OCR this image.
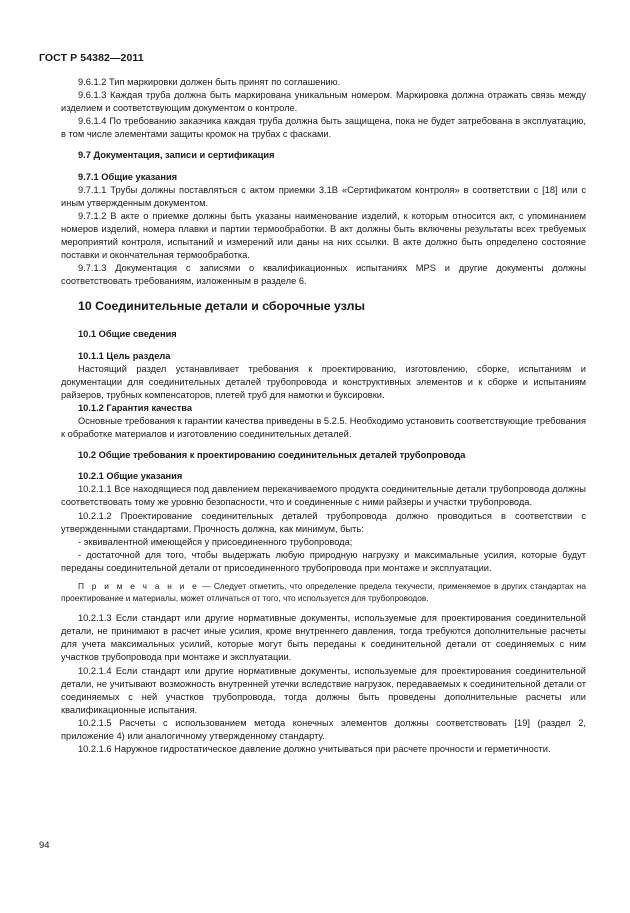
ГОСТ Р 54382—2011

9.6.1.2 Тип маркировки должен быть принят по соглашению.

9.6.1.3 Каждая труба должна быть маркирована уникальным номером. Маркировка должна отражать связь между изделием и соответствующим документом о контроле.

9.6.1.4 По требованию заказчика каждая труба должна быть защищена, пока не будет затребована в эксплуатацию, в том числе элементами защиты кромок на трубах с фасками.

9.7 Документация, записи и сертификация

9.7.1 Общие указания

9.7.1.1 Трубы должны поставляться с актом приемки 3.1В «Сертификатом контроля» в соответствии с [18] или с иным утвержденным документом.

9.7.1.2 В акте о приемке должны быть указаны наименование изделий, к которым относится акт, с упоминанием номеров изделий, номера плавки и партии термообработки. В акт должны быть включены результаты всех требуемых мероприятий контроля, испытаний и измерений или даны на них ссылки. В акте должно быть определено состояние поставки и окончательная термообработка.

9.7.1.3 Документация с записями о квалификационных испытаниях MPS и другие документы должны соответствовать требованиям, изложенным в разделе 6.

10 Соединительные детали и сборочные узлы

10.1 Общие сведения

10.1.1 Цель раздела

Настоящий раздел устанавливает требования к проектированию, изготовлению, сборке, испытаниям и документации для соединительных деталей трубопровода и конструктивных элементов и к сборке и испытаниям райзеров, трубных компенсаторов, плетей труб для намотки и буксировки.

10.1.2 Гарантия качества

Основные требования к гарантии качества приведены в 5.2.5. Необходимо установить соответствующие требования к обработке материалов и изготовлению соединительных деталей.

10.2 Общие требования к проектированию соединительных деталей трубопровода

10.2.1 Общие указания

10.2.1.1 Все находящиеся под давлением перекачиваемого продукта соединительные детали трубопровода должны соответствовать тому же уровню безопасности, что и соединенные с ними райзеры и участки трубопровода.

10.2.1.2 Проектирование соединительных деталей трубопровода должно проводиться в соответствии с утвержденными стандартами. Прочность должна, как минимум, быть:

- эквивалентной имеющейся у присоединенного трубопровода;

- достаточной для того, чтобы выдержать любую природную нагрузку и максимальные усилия, которые будут переданы соединительной детали от присоединенного трубопровода при монтаже и эксплуатации.

П р и м е ч а н и е — Следует отметить, что определение предела текучести, применяемое в других стандартах на проектирование и материалы, может отличаться от того, что используется для трубопроводов.

10.2.1.3 Если стандарт или другие нормативные документы, используемые для проектирования соединительной детали, не принимают в расчет иные усилия, кроме внутреннего давления, тогда требуются дополнительные расчеты для учета максимальных усилий, которые могут быть переданы к соединительной детали от соединяемых с ним участков трубопровода при монтаже и эксплуатации.

10.2.1.4 Если стандарт или другие нормативные документы, используемые для проектирования соединительной детали, не учитывают возможность внутренней утечки вследствие нагрузок, передаваемых к соединительной детали от соединяемых с ней участков трубопровода, тогда должны быть проведены дополнительные расчеты или квалификационные испытания.

10.2.1.5 Расчеты с использованием метода конечных элементов должны соответствовать [19] (раздел 2, приложение 4) или аналогичному утвержденному стандарту.

10.2.1.6 Наружное гидростатическое давление должно учитываться при расчете прочности и герметичности.

94
